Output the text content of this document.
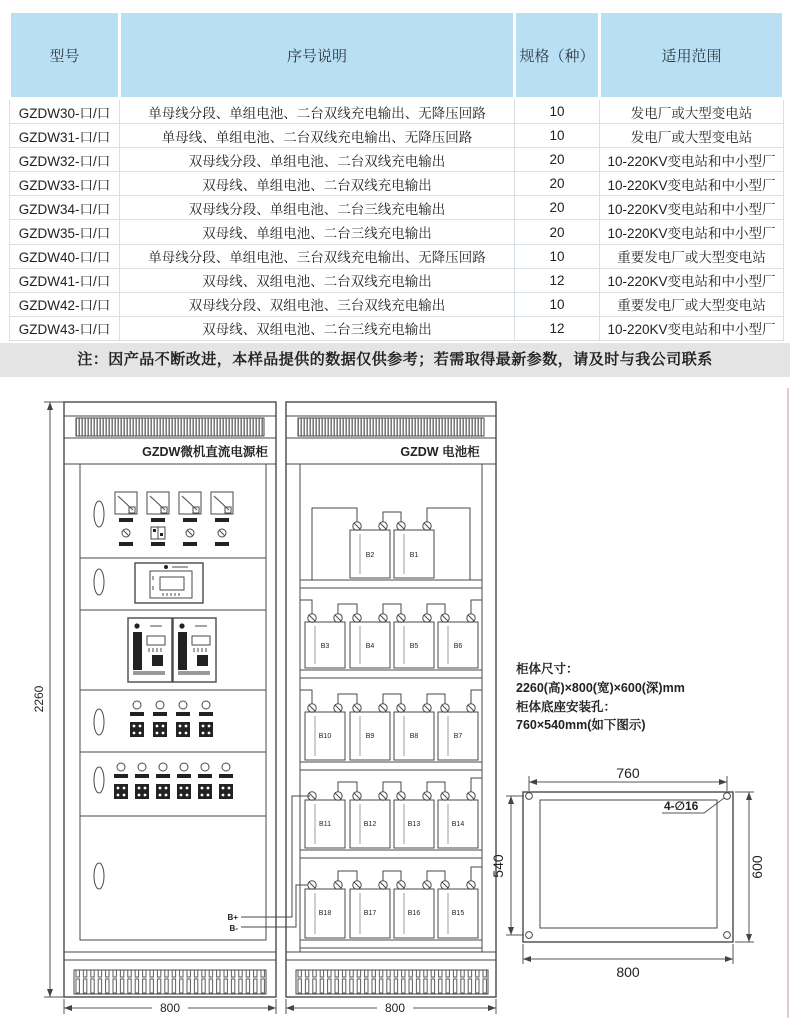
型号	序号说明	规格（种）	适用范围
GZDW30-口/口	单母线分段、单组电池、二台双线充电输出、无降压回路	10	发电厂或大型变电站
GZDW31-口/口	单母线、单组电池、二台双线充电输出、无降压回路	10	发电厂或大型变电站
GZDW32-口/口	双母线分段、单组电池、二台双线充电输出	20	10-220KV变电站和中小型厂
GZDW33-口/口	双母线、单组电池、二台双线充电输出	20	10-220KV变电站和中小型厂
GZDW34-口/口	双母线分段、单组电池、二台三线充电输出	20	10-220KV变电站和中小型厂
GZDW35-口/口	双母线、单组电池、二台三线充电输出	20	10-220KV变电站和中小型厂
GZDW40-口/口	单母线分段、单组电池、三台双线充电输出、无降压回路	10	重要发电厂或大型变电站
GZDW41-口/口	双母线、双组电池、二台双线充电输出	12	10-220KV变电站和中小型厂
GZDW42-口/口	双母线分段、双组电池、三台双线充电输出	10	重要发电厂或大型变电站
GZDW43-口/口	双母线、双组电池、二台三线充电输出	12	10-220KV变电站和中小型厂
注：因产品不断改进，本样品提供的数据仅供参考；若需取得最新参数，请及时与我公司联系
2260
GZDW微机直流电源柜
B+
B-
800
GZDW 电池柜
B2	B1
B3	B4	B5	B6
B10	B9	B8	B7
B11	B12	B13	B14
B18	B17	B16	B15
800
柜体尺寸：
2260(高)×800(宽)×600(深)mm
柜体底座安装孔：
760×540mm(如下图示)
760
540	600
800
4-∅16
